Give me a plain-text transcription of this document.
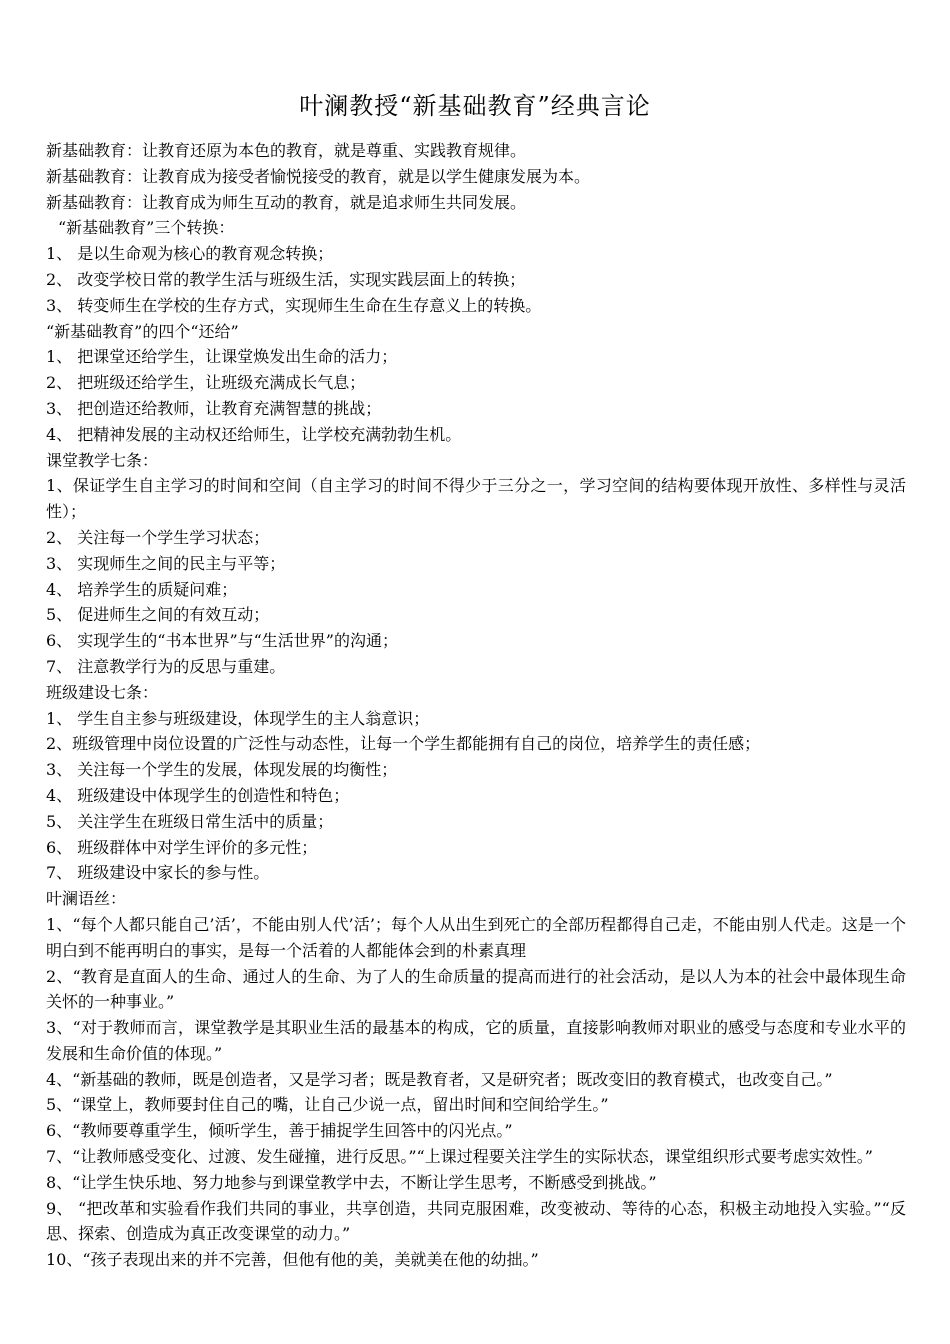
叶澜教授“新基础教育”经典言论
新基础教育：让教育还原为本色的教育，就是尊重、实践教育规律。
新基础教育：让教育成为接受者愉悦接受的教育，就是以学生健康发展为本。
新基础教育：让教育成为师生互动的教育，就是追求师生共同发展。
“新基础教育”三个转换：
1、 是以生命观为核心的教育观念转换；
2、 改变学校日常的教学生活与班级生活，实现实践层面上的转换；
3、 转变师生在学校的生存方式，实现师生生命在生存意义上的转换。
“新基础教育”的四个“还给”
1、 把课堂还给学生，让课堂焕发出生命的活力；
2、 把班级还给学生，让班级充满成长气息；
3、 把创造还给教师，让教育充满智慧的挑战；
4、 把精神发展的主动权还给师生，让学校充满勃勃生机。
课堂教学七条：
1、保证学生自主学习的时间和空间（自主学习的时间不得少于三分之一，学习空间的结构要体现开放性、多样性与灵活性）；
2、 关注每一个学生学习状态；
3、 实现师生之间的民主与平等；
4、 培养学生的质疑问难；
5、 促进师生之间的有效互动；
6、 实现学生的“书本世界”与“生活世界”的沟通；
7、 注意教学行为的反思与重建。
班级建设七条：
1、 学生自主参与班级建设，体现学生的主人翁意识；
2、班级管理中岗位设置的广泛性与动态性，让每一个学生都能拥有自己的岗位，培养学生的责任感；
3、 关注每一个学生的发展，体现发展的均衡性；
4、 班级建设中体现学生的创造性和特色；
5、 关注学生在班级日常生活中的质量；
6、 班级群体中对学生评价的多元性；
7、 班级建设中家长的参与性。
叶澜语丝：
1、“每个人都只能自己’活’，不能由别人代’活’；每个人从出生到死亡的全部历程都得自己走，不能由别人代走。这是一个明白到不能再明白的事实，是每一个活着的人都能体会到的朴素真理
2、“教育是直面人的生命、通过人的生命、为了人的生命质量的提高而进行的社会活动，是以人为本的社会中最体现生命关怀的一种事业。”
3、“对于教师而言，课堂教学是其职业生活的最基本的构成，它的质量，直接影响教师对职业的感受与态度和专业水平的发展和生命价值的体现。”
4、“新基础的教师，既是创造者，又是学习者；既是教育者，又是研究者；既改变旧的教育模式，也改变自己。”
5、“课堂上，教师要封住自己的嘴，让自己少说一点，留出时间和空间给学生。”
6、“教师要尊重学生，倾听学生，善于捕捉学生回答中的闪光点。”
7、“让教师感受变化、过渡、发生碰撞，进行反思。”“上课过程要关注学生的实际状态，课堂组织形式要考虑实效性。”
8、“让学生快乐地、努力地参与到课堂教学中去，不断让学生思考，不断感受到挑战。”
9、 “把改革和实验看作我们共同的事业，共享创造，共同克服困难，改变被动、等待的心态，积极主动地投入实验。”“反思、探索、创造成为真正改变课堂的动力。”
10、“孩子表现出来的并不完善，但他有他的美，美就美在他的幼拙。”
